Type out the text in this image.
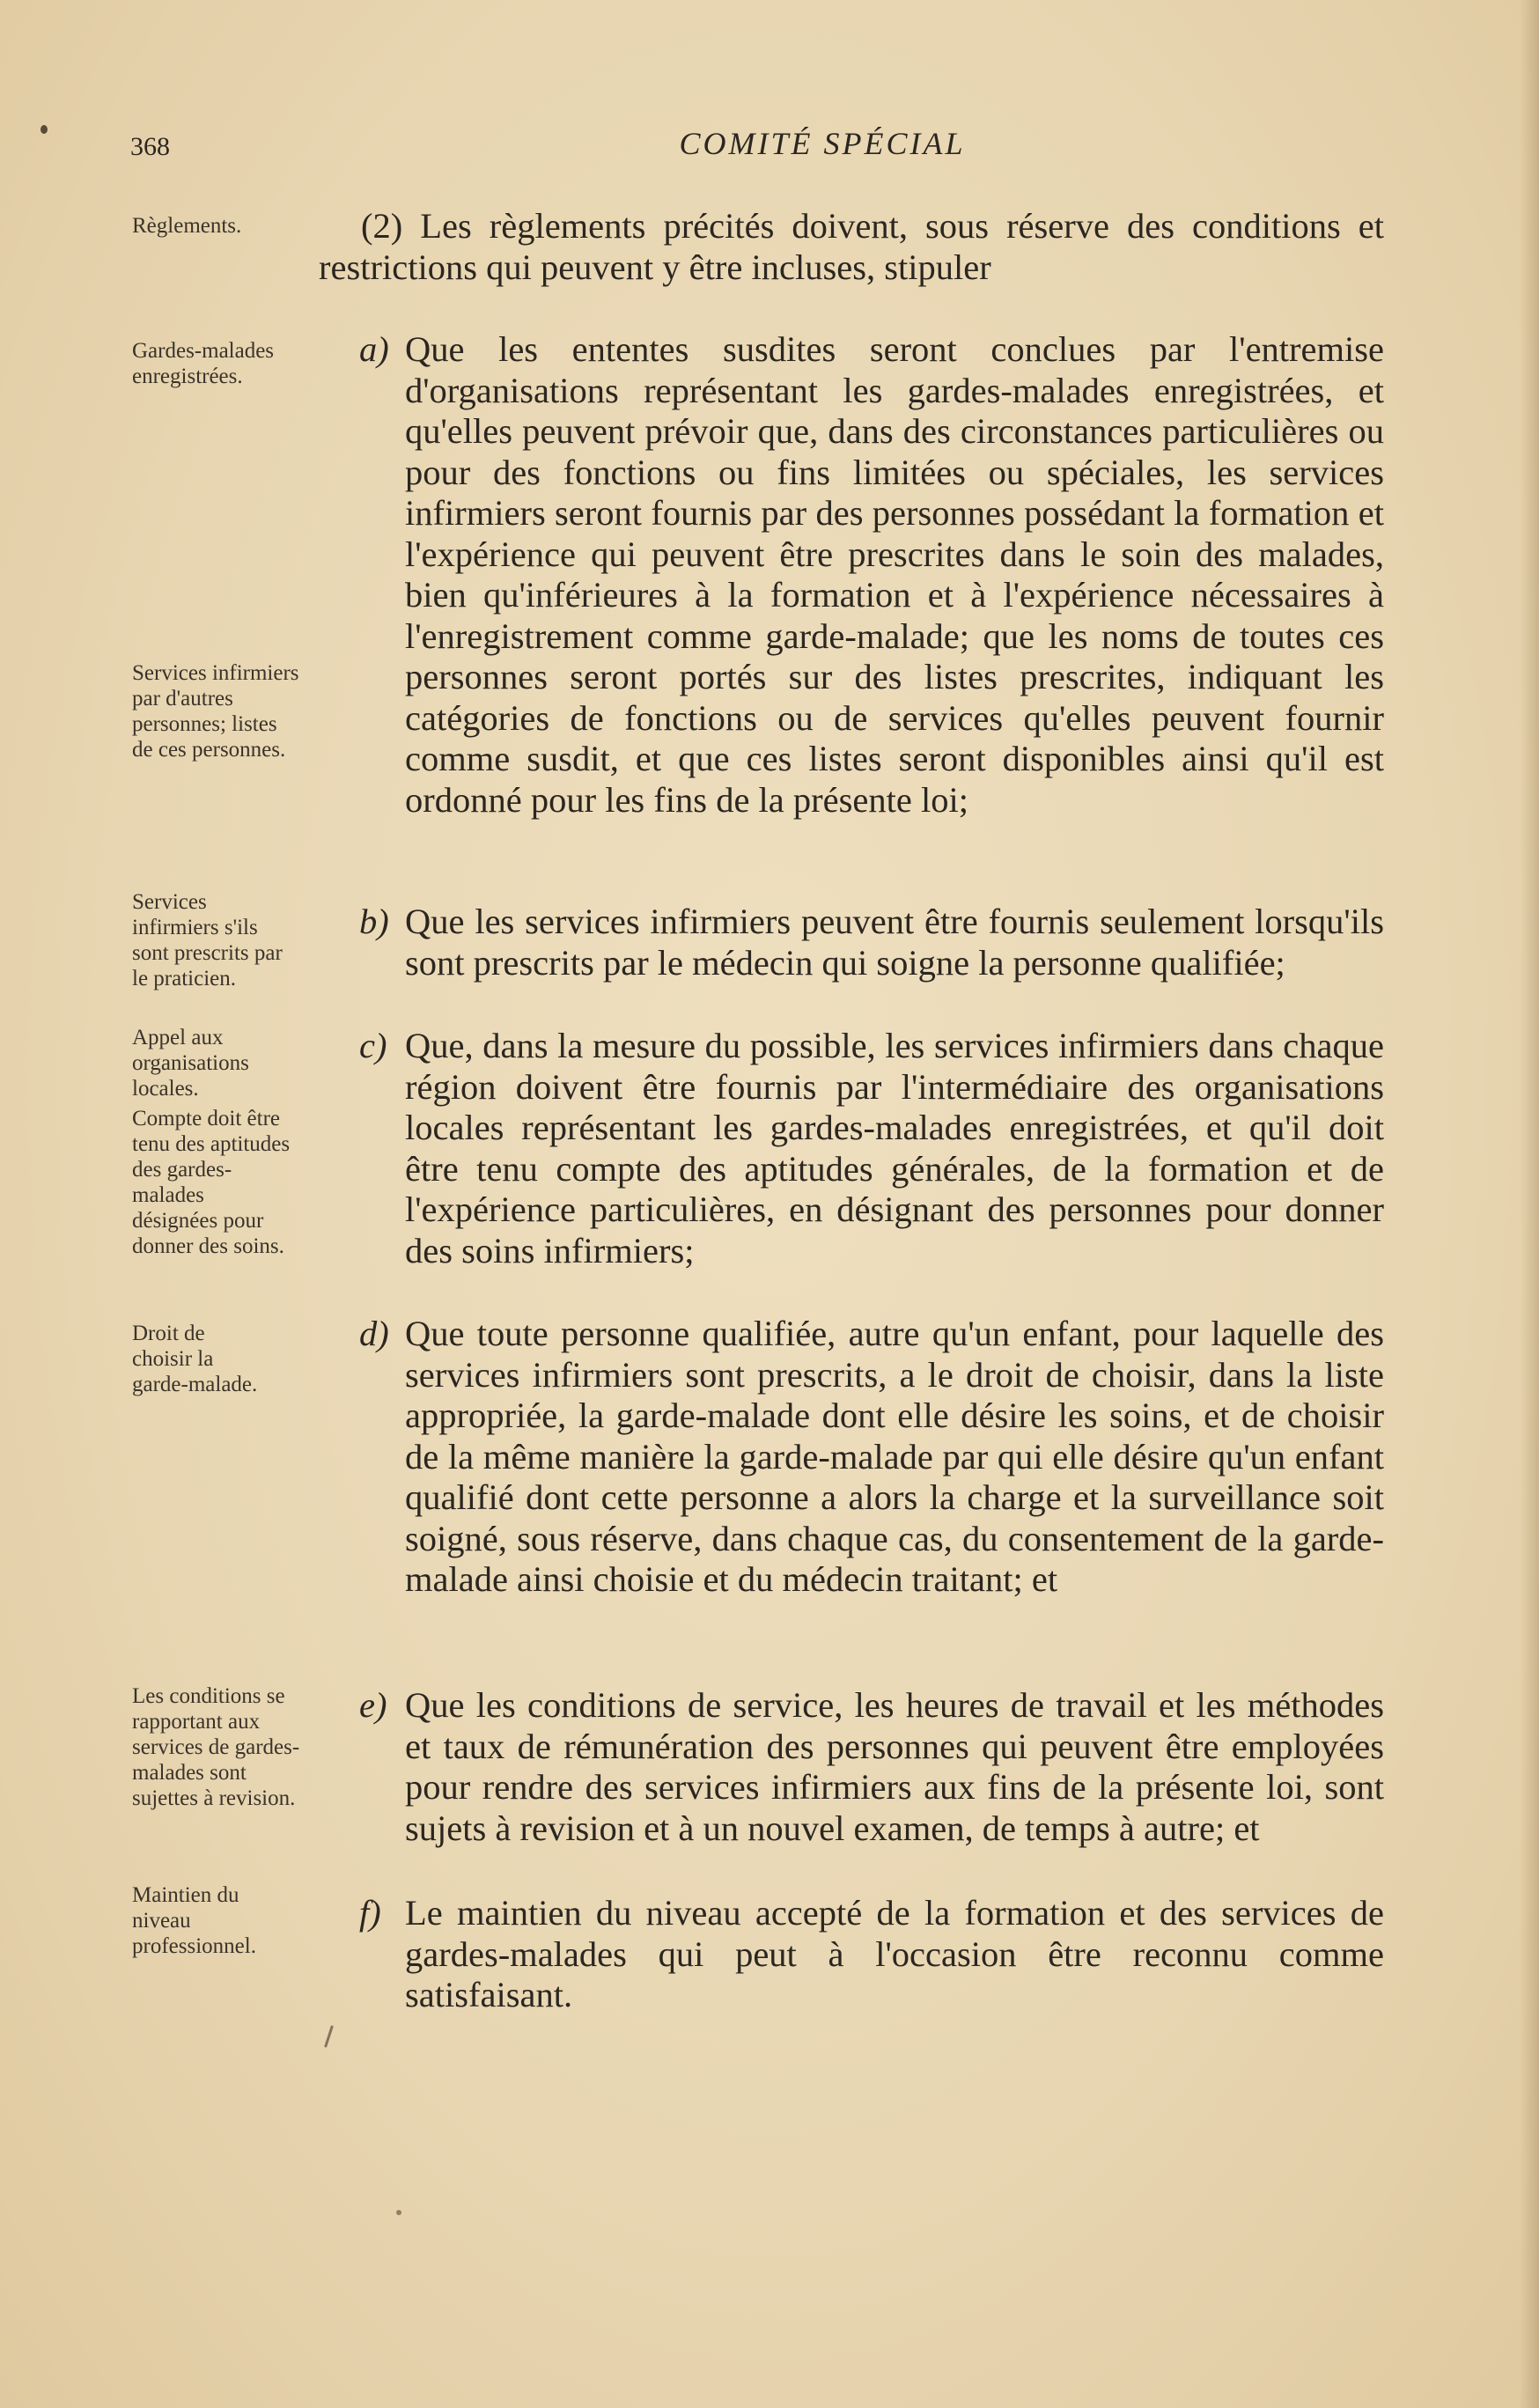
368	COMITÉ SPÉCIAL
Règlements.
Gardes-malades enregistrées.
Services infirmiers par d'autres personnes; listes de ces personnes.
Services infirmiers s'ils sont prescrits par le praticien.
Appel aux organisations locales.
Compte doit être tenu des aptitudes des gardes-malades désignées pour donner des soins.
Droit de choisir la garde-malade.
Les conditions se rapportant aux services de gardes-malades sont sujettes à revision.
Maintien du niveau professionnel.
(2) Les règlements précités doivent, sous réserve des conditions et restrictions qui peuvent y être incluses, stipuler
a) Que les ententes susdites seront conclues par l'entremise d'organisations représentant les gardes-malades enregistrées, et qu'elles peuvent prévoir que, dans des circonstances particulières ou pour des fonctions ou fins limitées ou spéciales, les services infirmiers seront fournis par des personnes possédant la formation et l'expérience qui peuvent être prescrites dans le soin des malades, bien qu'inférieures à la formation et à l'expérience nécessaires à l'enregistrement comme garde-malade; que les noms de toutes ces personnes seront portés sur des listes prescrites, indiquant les catégories de fonctions ou de services qu'elles peuvent fournir comme susdit, et que ces listes seront disponibles ainsi qu'il est ordonné pour les fins de la présente loi;
b) Que les services infirmiers peuvent être fournis seulement lorsqu'ils sont prescrits par le médecin qui soigne la personne qualifiée;
c) Que, dans la mesure du possible, les services infirmiers dans chaque région doivent être fournis par l'intermédiaire des organisations locales représentant les gardes-malades enregistrées, et qu'il doit être tenu compte des aptitudes générales, de la formation et de l'expérience particulières, en désignant des personnes pour donner des soins infirmiers;
d) Que toute personne qualifiée, autre qu'un enfant, pour laquelle des services infirmiers sont prescrits, a le droit de choisir, dans la liste appropriée, la garde-malade dont elle désire les soins, et de choisir de la même manière la garde-malade par qui elle désire qu'un enfant qualifié dont cette personne a alors la charge et la surveillance soit soigné, sous réserve, dans chaque cas, du consentement de la garde-malade ainsi choisie et du médecin traitant; et
e) Que les conditions de service, les heures de travail et les méthodes et taux de rémunération des personnes qui peuvent être employées pour rendre des services infirmiers aux fins de la présente loi, sont sujets à revision et à un nouvel examen, de temps à autre; et
f) Le maintien du niveau accepté de la formation et des services de gardes-malades qui peut à l'occasion être reconnu comme satisfaisant.
